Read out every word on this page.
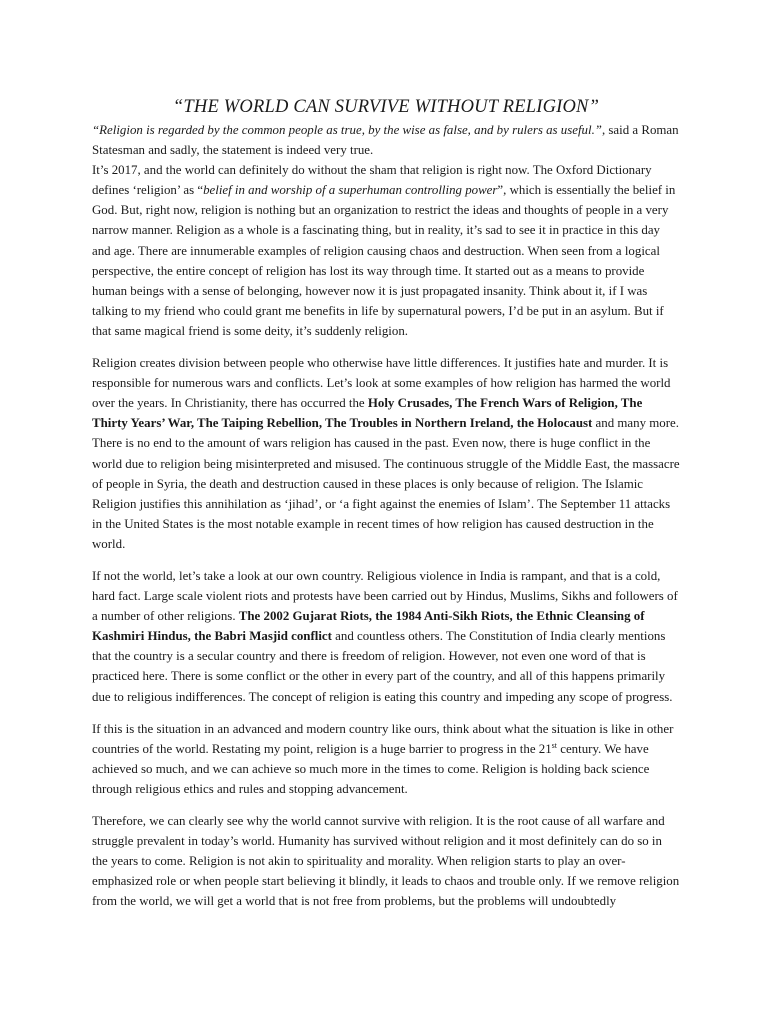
“THE WORLD CAN SURVIVE WITHOUT RELIGION”

“Religion is regarded by the common people as true, by the wise as false, and by rulers as useful.”, said a Roman Statesman and sadly, the statement is indeed very true.
It’s 2017, and the world can definitely do without the sham that religion is right now. The Oxford Dictionary defines ‘religion’ as “belief in and worship of a superhuman controlling power”, which is essentially the belief in God. But, right now, religion is nothing but an organization to restrict the ideas and thoughts of people in a very narrow manner. Religion as a whole is a fascinating thing, but in reality, it’s sad to see it in practice in this day and age. There are innumerable examples of religion causing chaos and destruction. When seen from a logical perspective, the entire concept of religion has lost its way through time. It started out as a means to provide human beings with a sense of belonging, however now it is just propagated insanity. Think about it, if I was talking to my friend who could grant me benefits in life by supernatural powers, I’d be put in an asylum. But if that same magical friend is some deity, it’s suddenly religion.

Religion creates division between people who otherwise have little differences. It justifies hate and murder. It is responsible for numerous wars and conflicts. Let’s look at some examples of how religion has harmed the world over the years. In Christianity, there has occurred the Holy Crusades, The French Wars of Religion, The Thirty Years’ War, The Taiping Rebellion, The Troubles in Northern Ireland, the Holocaust and many more. There is no end to the amount of wars religion has caused in the past. Even now, there is huge conflict in the world due to religion being misinterpreted and misused. The continuous struggle of the Middle East, the massacre of people in Syria, the death and destruction caused in these places is only because of religion. The Islamic Religion justifies this annihilation as ‘jihad’, or ‘a fight against the enemies of Islam’. The September 11 attacks in the United States is the most notable example in recent times of how religion has caused destruction in the world.

If not the world, let’s take a look at our own country. Religious violence in India is rampant, and that is a cold, hard fact. Large scale violent riots and protests have been carried out by Hindus, Muslims, Sikhs and followers of a number of other religions. The 2002 Gujarat Riots, the 1984 Anti-Sikh Riots, the Ethnic Cleansing of Kashmiri Hindus, the Babri Masjid conflict and countless others. The Constitution of India clearly mentions that the country is a secular country and there is freedom of religion. However, not even one word of that is practiced here. There is some conflict or the other in every part of the country, and all of this happens primarily due to religious indifferences. The concept of religion is eating this country and impeding any scope of progress.

If this is the situation in an advanced and modern country like ours, think about what the situation is like in other countries of the world. Restating my point, religion is a huge barrier to progress in the 21st century. We have achieved so much, and we can achieve so much more in the times to come. Religion is holding back science through religious ethics and rules and stopping advancement.

Therefore, we can clearly see why the world cannot survive with religion. It is the root cause of all warfare and struggle prevalent in today’s world. Humanity has survived without religion and it most definitely can do so in the years to come. Religion is not akin to spirituality and morality. When religion starts to play an over-emphasized role or when people start believing it blindly, it leads to chaos and trouble only. If we remove religion from the world, we will get a world that is not free from problems, but the problems will undoubtedly
